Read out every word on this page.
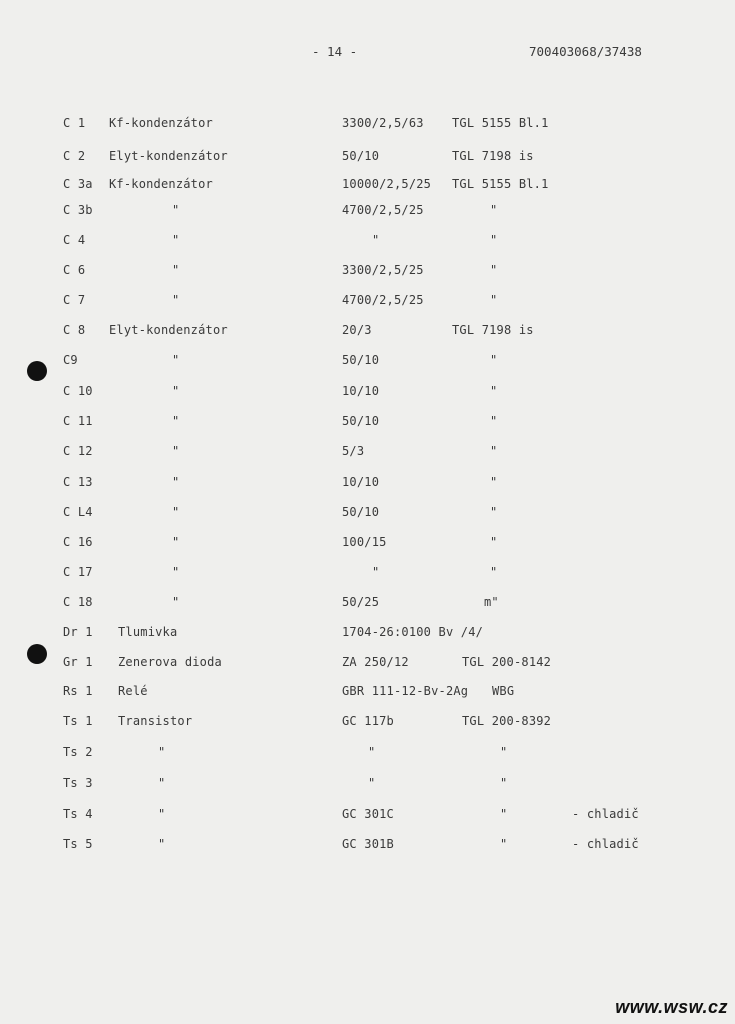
- 14 -	700403068/37438
C 1 Kf-kondenzátor	3300/2,5/63 TGL 5155 Bl.1
C 2 Elyt-kondenzátor	50/10	TGL 7198 is
C 3a Kf-kondenzátor	10000/2,5/25 TGL 5155 Bl.1
C 3b	"	4700/2,5/25	"
C 4	"	"	"
C 6	"	3300/2,5/25	"
C 7	"	4700/2,5/25	"
C 8 Elyt-kondenzátor	20/3	TGL 7198 is
C9	"	50/10	"
C 10	"	10/10	"
C 11	"	50/10	"
C 12	"	5/3	"
C 13	"	10/10	"
C L4	"	50/10	"
C 16	"	100/15	"
C 17	"	"	"
C 18	"	50/25	m"
Dr 1 Tlumivka	1704-26:0100 Bv /4/
Gr 1 Zenerova dioda	ZA 250/12	TGL 200-8142
Rs 1 Relé	GBR 111-12-Bv-2Ag WBG
Ts 1 Transistor	GC 117b	TGL 200-8392
Ts 2	"	"	"
Ts 3	"	"	"
Ts 4	"	GC 301C	"	- chladič
Ts 5	"	GC 301B	"	- chladič
www.wsw.cz
